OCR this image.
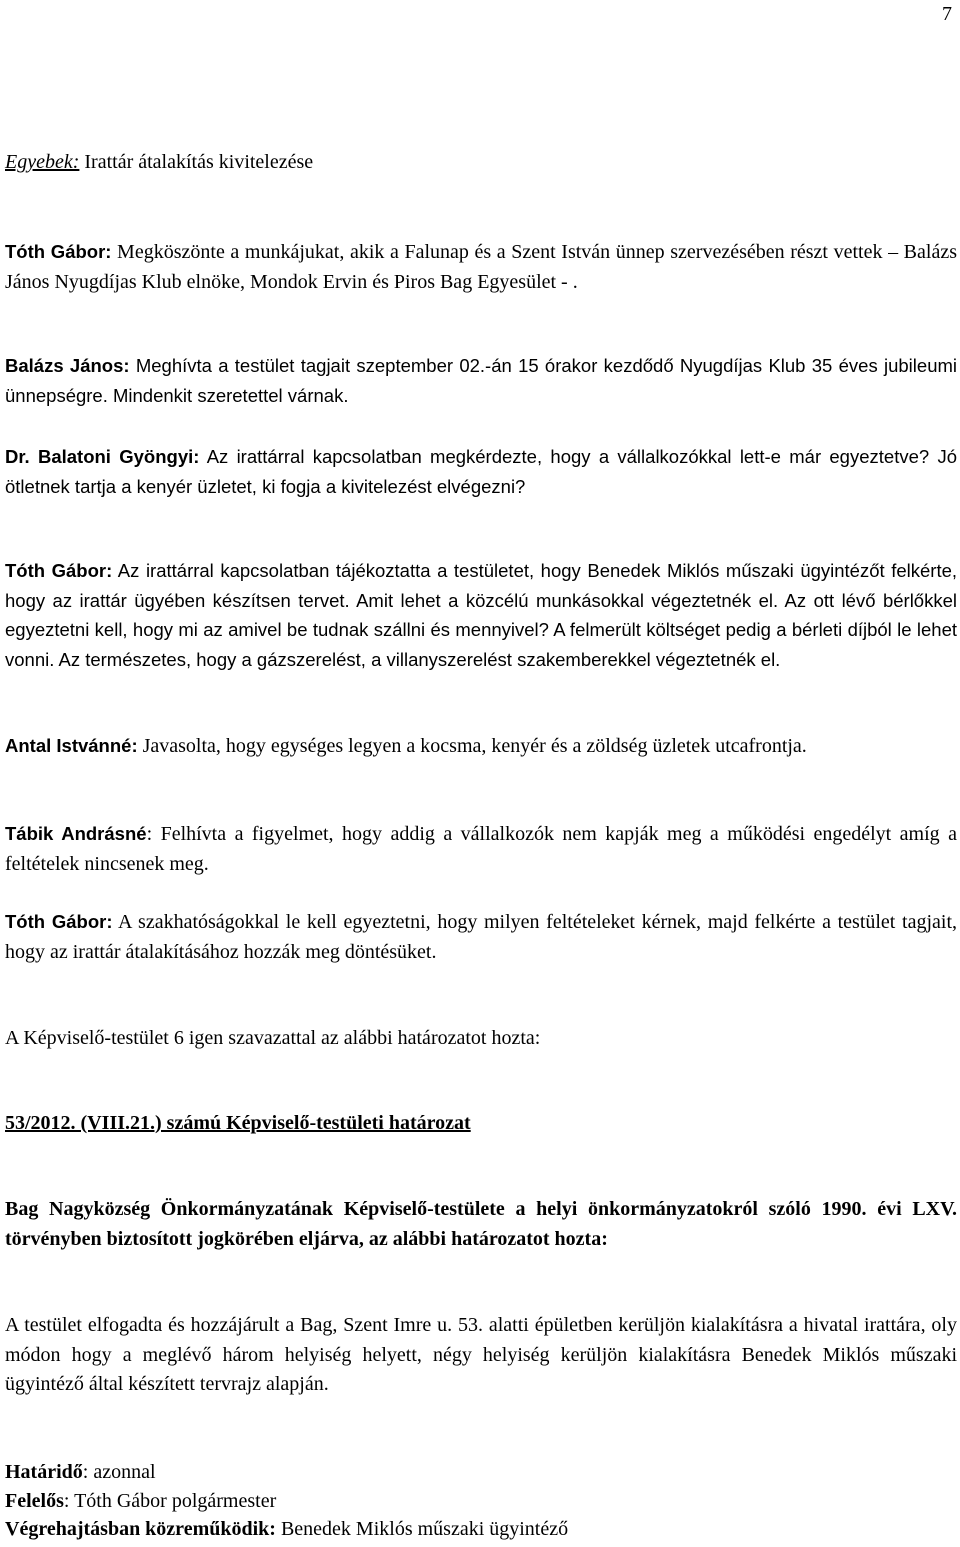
7

Egyebek: Irattár átalakítás kivitelezése

Tóth Gábor: Megköszönte a munkájukat, akik a Falunap és a Szent István ünnep szervezésében részt vettek – Balázs János Nyugdíjas Klub elnöke, Mondok Ervin és Piros Bag Egyesület - .

Balázs János: Meghívta a testület tagjait szeptember 02.-án 15 órakor kezdődő Nyugdíjas Klub 35 éves jubileumi ünnepségre. Mindenkit szeretettel várnak.

Dr. Balatoni Gyöngyi: Az irattárral kapcsolatban megkérdezte, hogy a vállalkozókkal lett-e már egyeztetve? Jó ötletnek tartja a kenyér üzletet, ki fogja a kivitelezést elvégezni?

Tóth Gábor: Az irattárral kapcsolatban tájékoztatta a testületet, hogy Benedek Miklós műszaki ügyintézőt felkérte, hogy az irattár ügyében készítsen tervet. Amit lehet a közcélú munkásokkal végeztetnék el. Az ott lévő bérlőkkel egyeztetni kell, hogy mi az amivel be tudnak szállni és mennyivel? A felmerült költséget pedig a bérleti díjból le lehet vonni. Az természetes, hogy a gázszerelést, a villanyszerelést szakemberekkel végeztetnék el.

Antal Istvánné: Javasolta, hogy egységes legyen a kocsma, kenyér és a zöldség üzletek utcafrontja.

Tábik Andrásné: Felhívta a figyelmet, hogy addig a vállalkozók nem kapják meg a működési engedélyt amíg a feltételek nincsenek meg.

Tóth Gábor: A szakhatóságokkal le kell egyeztetni, hogy milyen feltételeket kérnek, majd felkérte a testület tagjait, hogy az irattár átalakításához hozzák meg döntésüket.

A Képviselő-testület 6 igen szavazattal az alábbi határozatot hozta:

53/2012. (VIII.21.) számú Képviselő-testületi határozat

Bag Nagyközség Önkormányzatának Képviselő-testülete a helyi önkormányzatokról szóló 1990. évi LXV. törvényben biztosított jogkörében eljárva, az alábbi határozatot hozta:

A testület elfogadta és hozzájárult a Bag, Szent Imre u. 53. alatti épületben kerüljön kialakításra a hivatal irattára, oly módon hogy a meglévő három helyiség helyett, négy helyiség kerüljön kialakításra Benedek Miklós műszaki ügyintéző által készített tervrajz alapján.

Határidő: azonnal

Felelős: Tóth Gábor polgármester

Végrehajtásban közreműködik: Benedek Miklós műszaki ügyintéző
